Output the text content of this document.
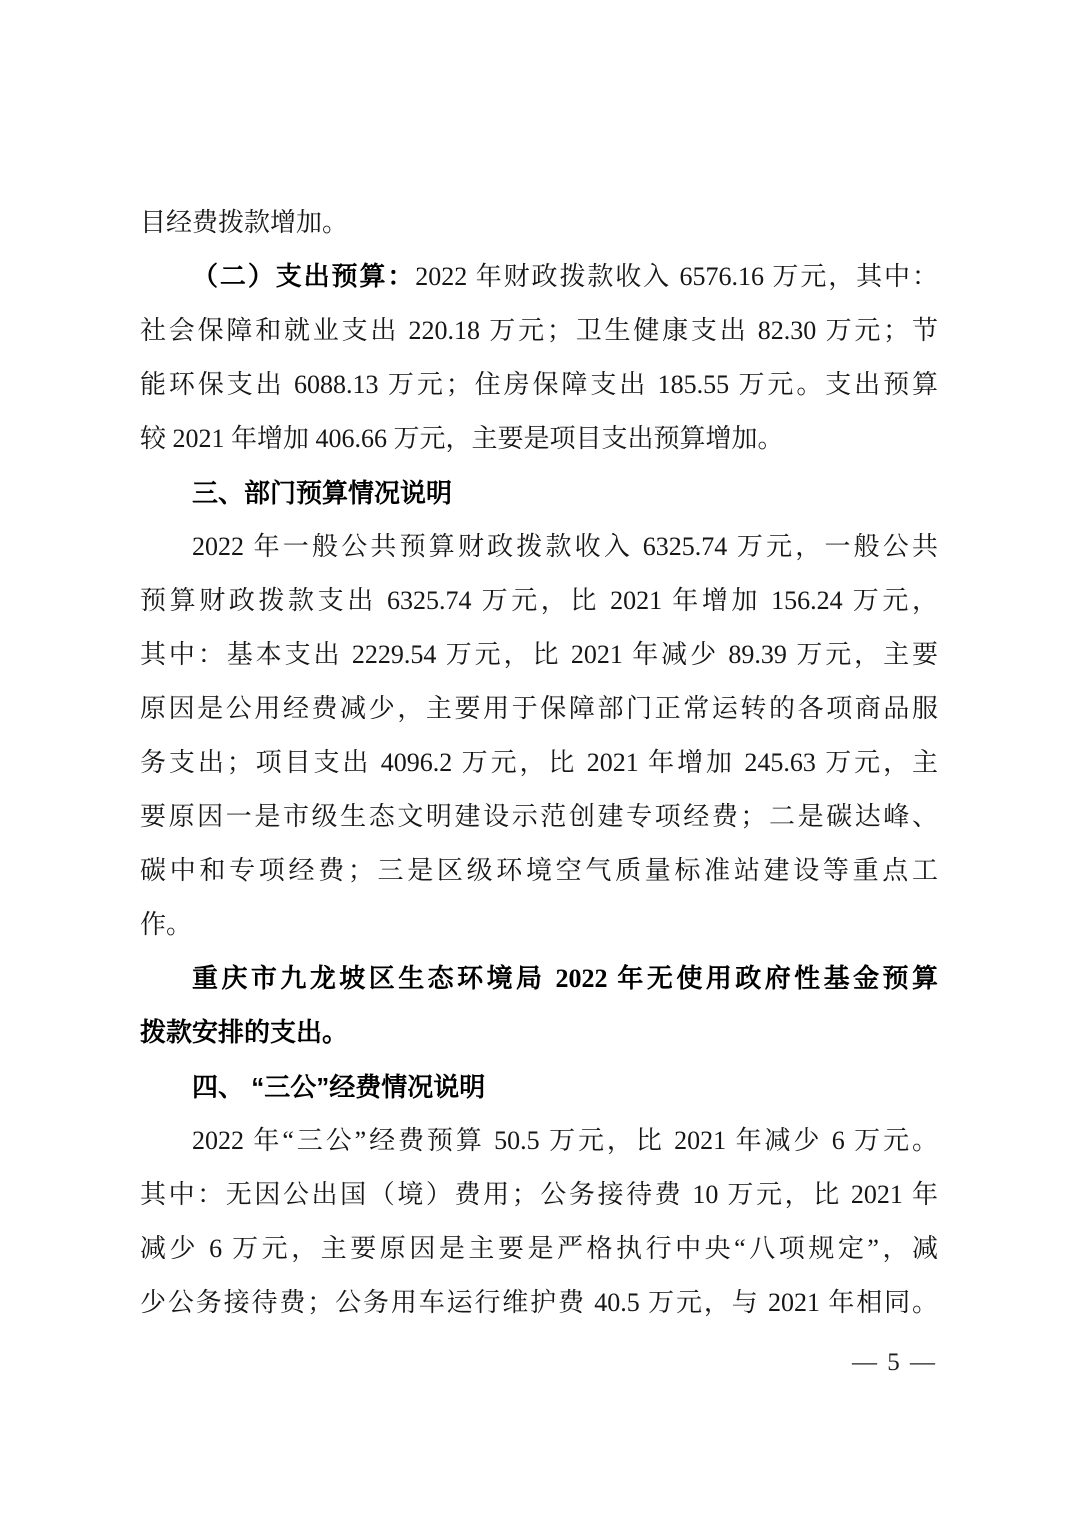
目经费拨款增加。
（二）支出预算：2022 年财政拨款收入 6576.16 万元，其中：
社会保障和就业支出 220.18 万元；卫生健康支出 82.30 万元；节
能环保支出 6088.13 万元；住房保障支出 185.55 万元。支出预算
较 2021 年增加 406.66 万元，主要是项目支出预算增加。
三、部门预算情况说明
2022 年一般公共预算财政拨款收入 6325.74 万元，一般公共
预算财政拨款支出 6325.74 万元，比 2021 年增加 156.24 万元，
其中：基本支出 2229.54 万元，比 2021 年减少 89.39 万元，主要
原因是公用经费减少，主要用于保障部门正常运转的各项商品服
务支出；项目支出 4096.2 万元，比 2021 年增加 245.63 万元，主
要原因一是市级生态文明建设示范创建专项经费；二是碳达峰、
碳中和专项经费；三是区级环境空气质量标准站建设等重点工
作。
重庆市九龙坡区生态环境局 2022 年无使用政府性基金预算
拨款安排的支出。
四、 “三公”经费情况说明
2022 年“三公”经费预算 50.5 万元，比 2021 年减少 6 万元。
其中：无因公出国（境）费用；公务接待费 10 万元，比 2021 年
减少 6 万元，主要原因是主要是严格执行中央“八项规定”，减
少公务接待费；公务用车运行维护费 40.5 万元，与 2021 年相同。
— 5 —
